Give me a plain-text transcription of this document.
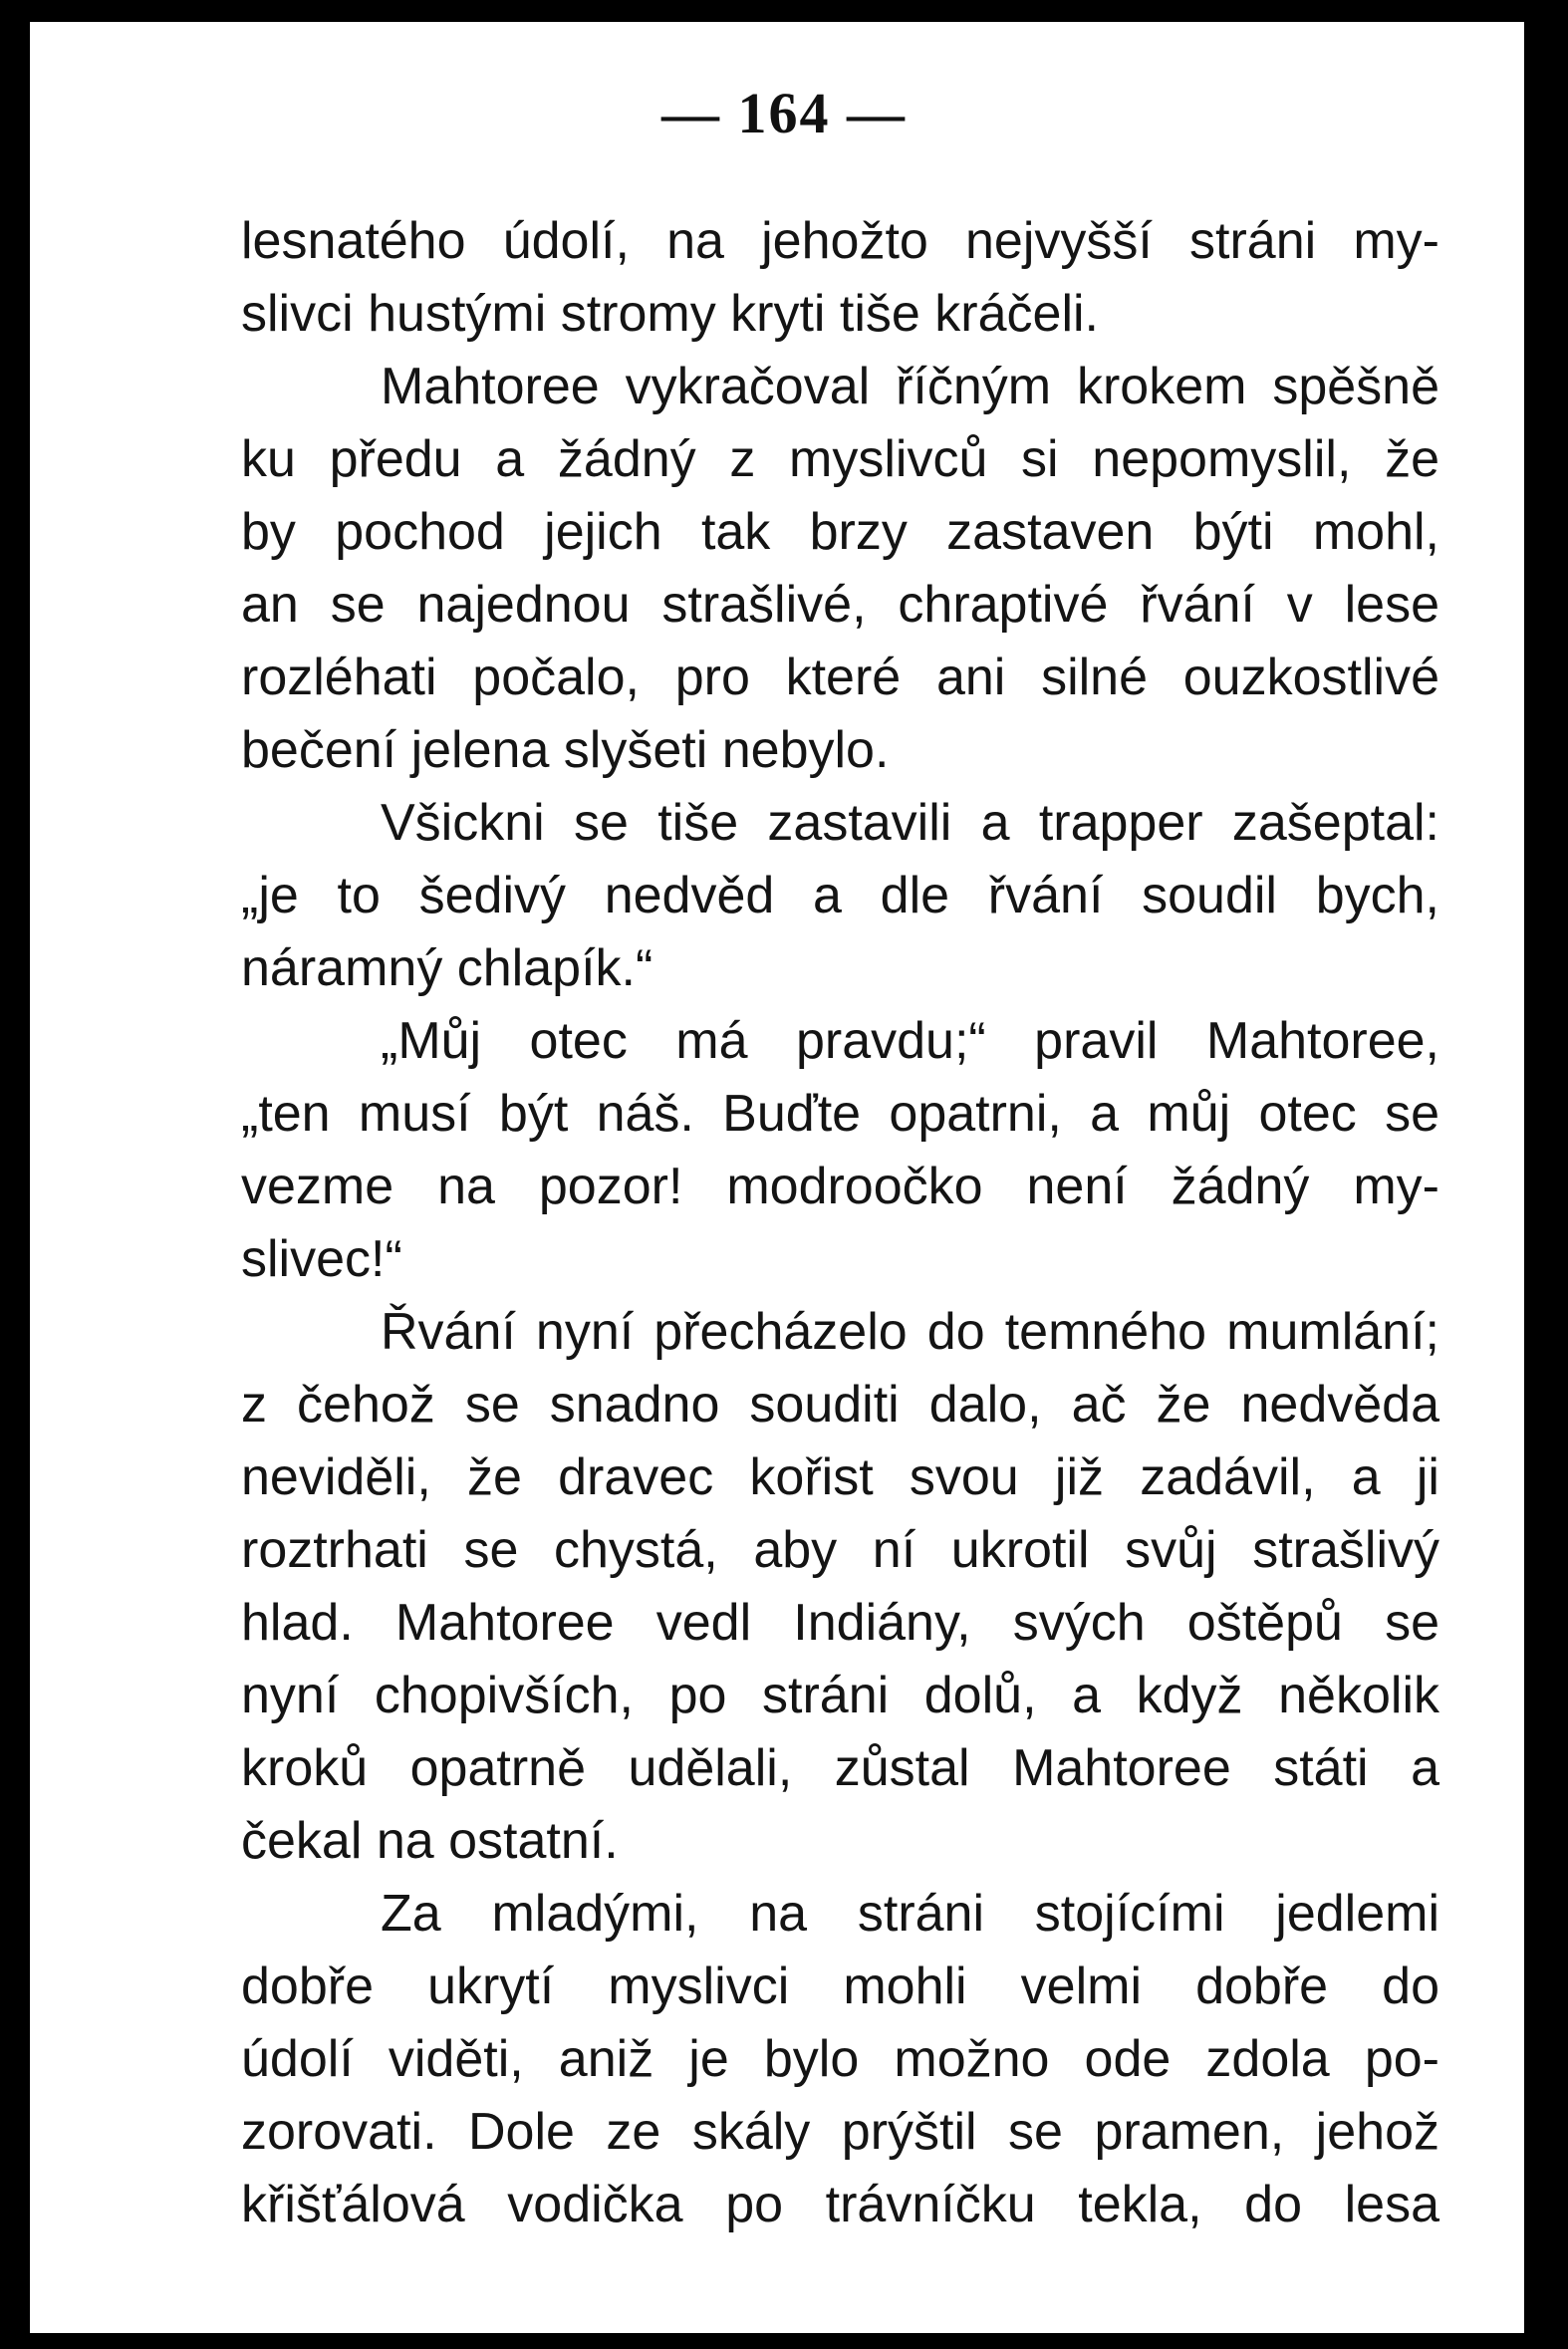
— 164 —
lesnatého údolí, na jehožto nejvyšší stráni my-
slivci hustými stromy kryti tiše kráčeli.
Mahtoree vykračoval říčným krokem spěšně
ku předu a žádný z myslivců si nepomyslil, že
by pochod jejich tak brzy zastaven býti mohl,
an se najednou strašlivé, chraptivé řvání v lese
rozléhati počalo, pro které ani silné ouzkostlivé
bečení jelena slyšeti nebylo.
Všickni se tiše zastavili a trapper zašeptal:
„je to šedivý nedvěd a dle řvání soudil bych,
náramný chlapík.“
„Můj otec má pravdu;“ pravil Mahtoree,
„ten musí být náš. Buďte opatrni, a můj otec se
vezme na pozor! modroočko není žádný my-
slivec!“
Řvání nyní přecházelo do temného mumlání;
z čehož se snadno souditi dalo, ač že nedvěda
neviděli, že dravec kořist svou již zadávil, a ji
roztrhati se chystá, aby ní ukrotil svůj strašlivý
hlad. Mahtoree vedl Indiány, svých oštěpů se
nyní chopivších, po stráni dolů, a když několik
kroků opatrně udělali, zůstal Mahtoree státi a
čekal na ostatní.
Za mladými, na stráni stojícími jedlemi
dobře ukrytí myslivci mohli velmi dobře do
údolí viděti, aniž je bylo možno ode zdola po-
zorovati. Dole ze skály prýštil se pramen, jehož
křišťálová vodička po trávníčku tekla, do lesa
